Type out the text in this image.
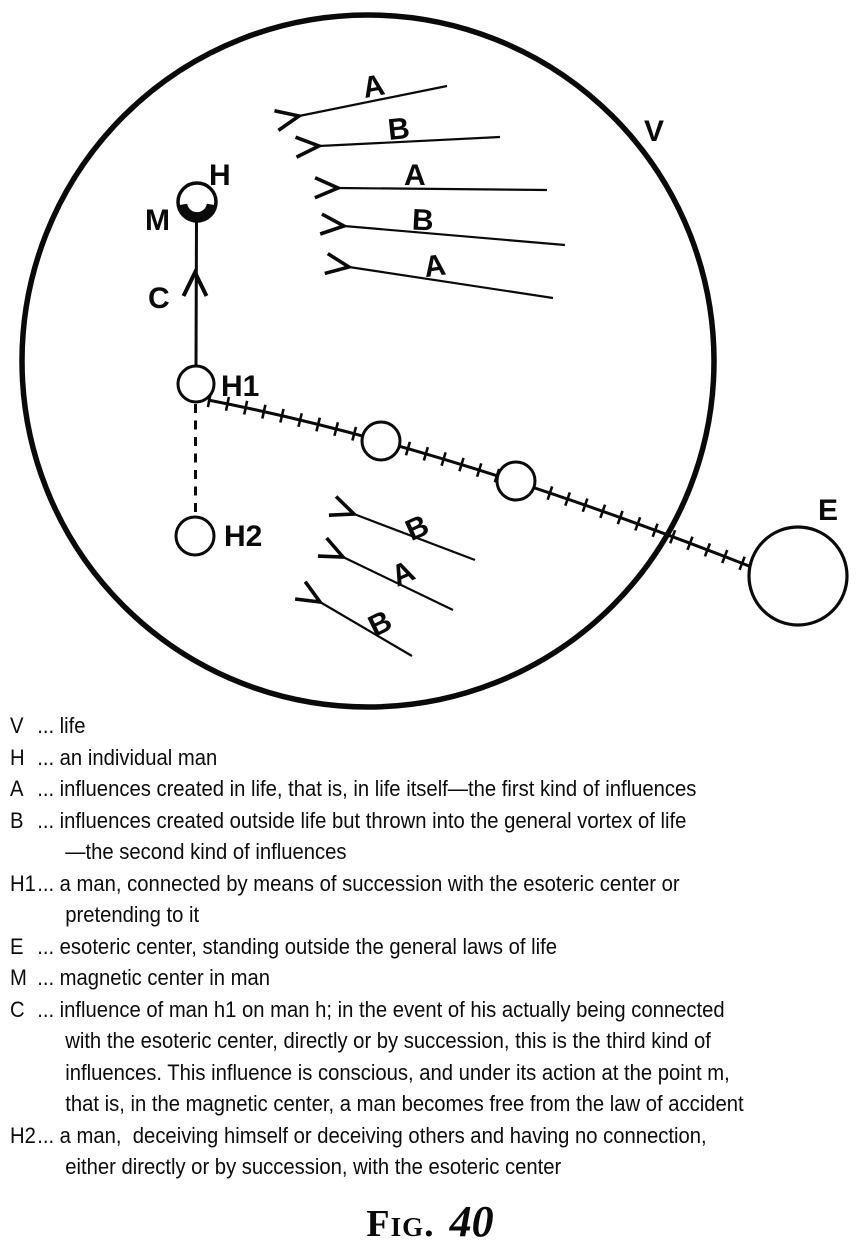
V
E
H
M
C
H1
H2
A
B
A
B
A
B
A
B
V ... life
H ... an individual man
A ... influences created in life, that is, in life itself—the first kind of influences
B ... influences created outside life but thrown into the general vortex of life
—the second kind of influences
H1 ... a man, connected by means of succession with the esoteric center or
pretending to it
E ... esoteric center, standing outside the general laws of life
M ... magnetic center in man
C ... influence of man h1 on man h; in the event of his actually being connected
with the esoteric center, directly or by succession, this is the third kind of
influences. This influence is conscious, and under its action at the point m,
that is, in the magnetic center, a man becomes free from the law of accident
H2 ... a man,  deceiving himself or deceiving others and having no connection,
either directly or by succession, with the esoteric center
Fig. 40
